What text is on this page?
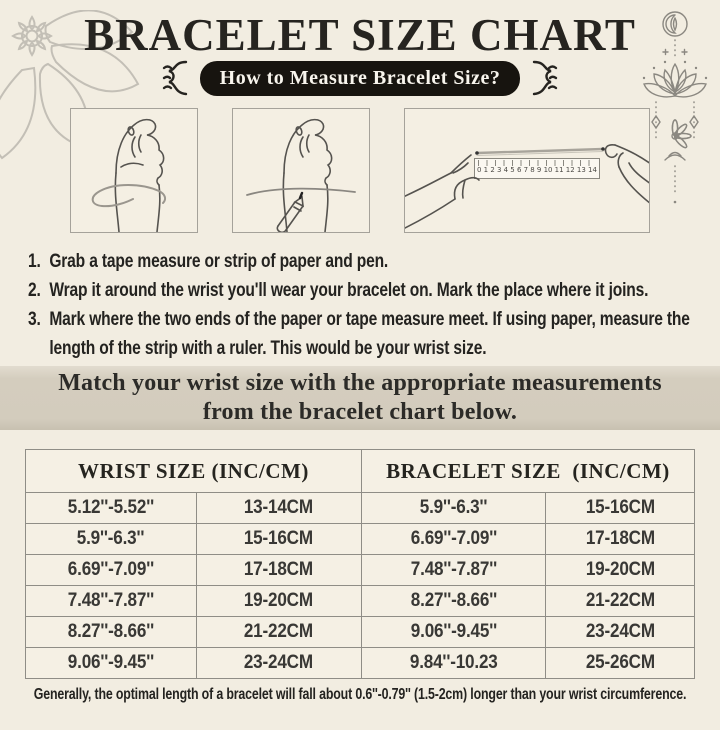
BRACELET SIZE CHART
How to Measure Bracelet Size?
0 1 2 3 4 5 6 7 8 9 10 11 12 13 14
1. Grab a tape measure or strip of paper and pen.
2. Wrap it around the wrist you'll wear your bracelet on. Mark the place where it joins.
3. Mark where the two ends of the paper or tape measure meet. If using paper, measure the length of the strip with a ruler. This would be your wrist size.
Match your wrist size with the appropriate measurements
from the bracelet chart below.
WRIST SIZE (INC/CM)		BRACELET SIZE  (INC/CM)	
5.12''-5.52''	13-14CM	5.9''-6.3''	15-16CM
5.9''-6.3''	15-16CM	6.69''-7.09''	17-18CM
6.69''-7.09''	17-18CM	7.48''-7.87''	19-20CM
7.48''-7.87''	19-20CM	8.27''-8.66''	21-22CM
8.27''-8.66''	21-22CM	9.06''-9.45''	23-24CM
9.06''-9.45''	23-24CM	9.84''-10.23	25-26CM

Generally, the optimal length of a bracelet will fall about 0.6''-0.79'' (1.5-2cm) longer than your wrist circumference.
